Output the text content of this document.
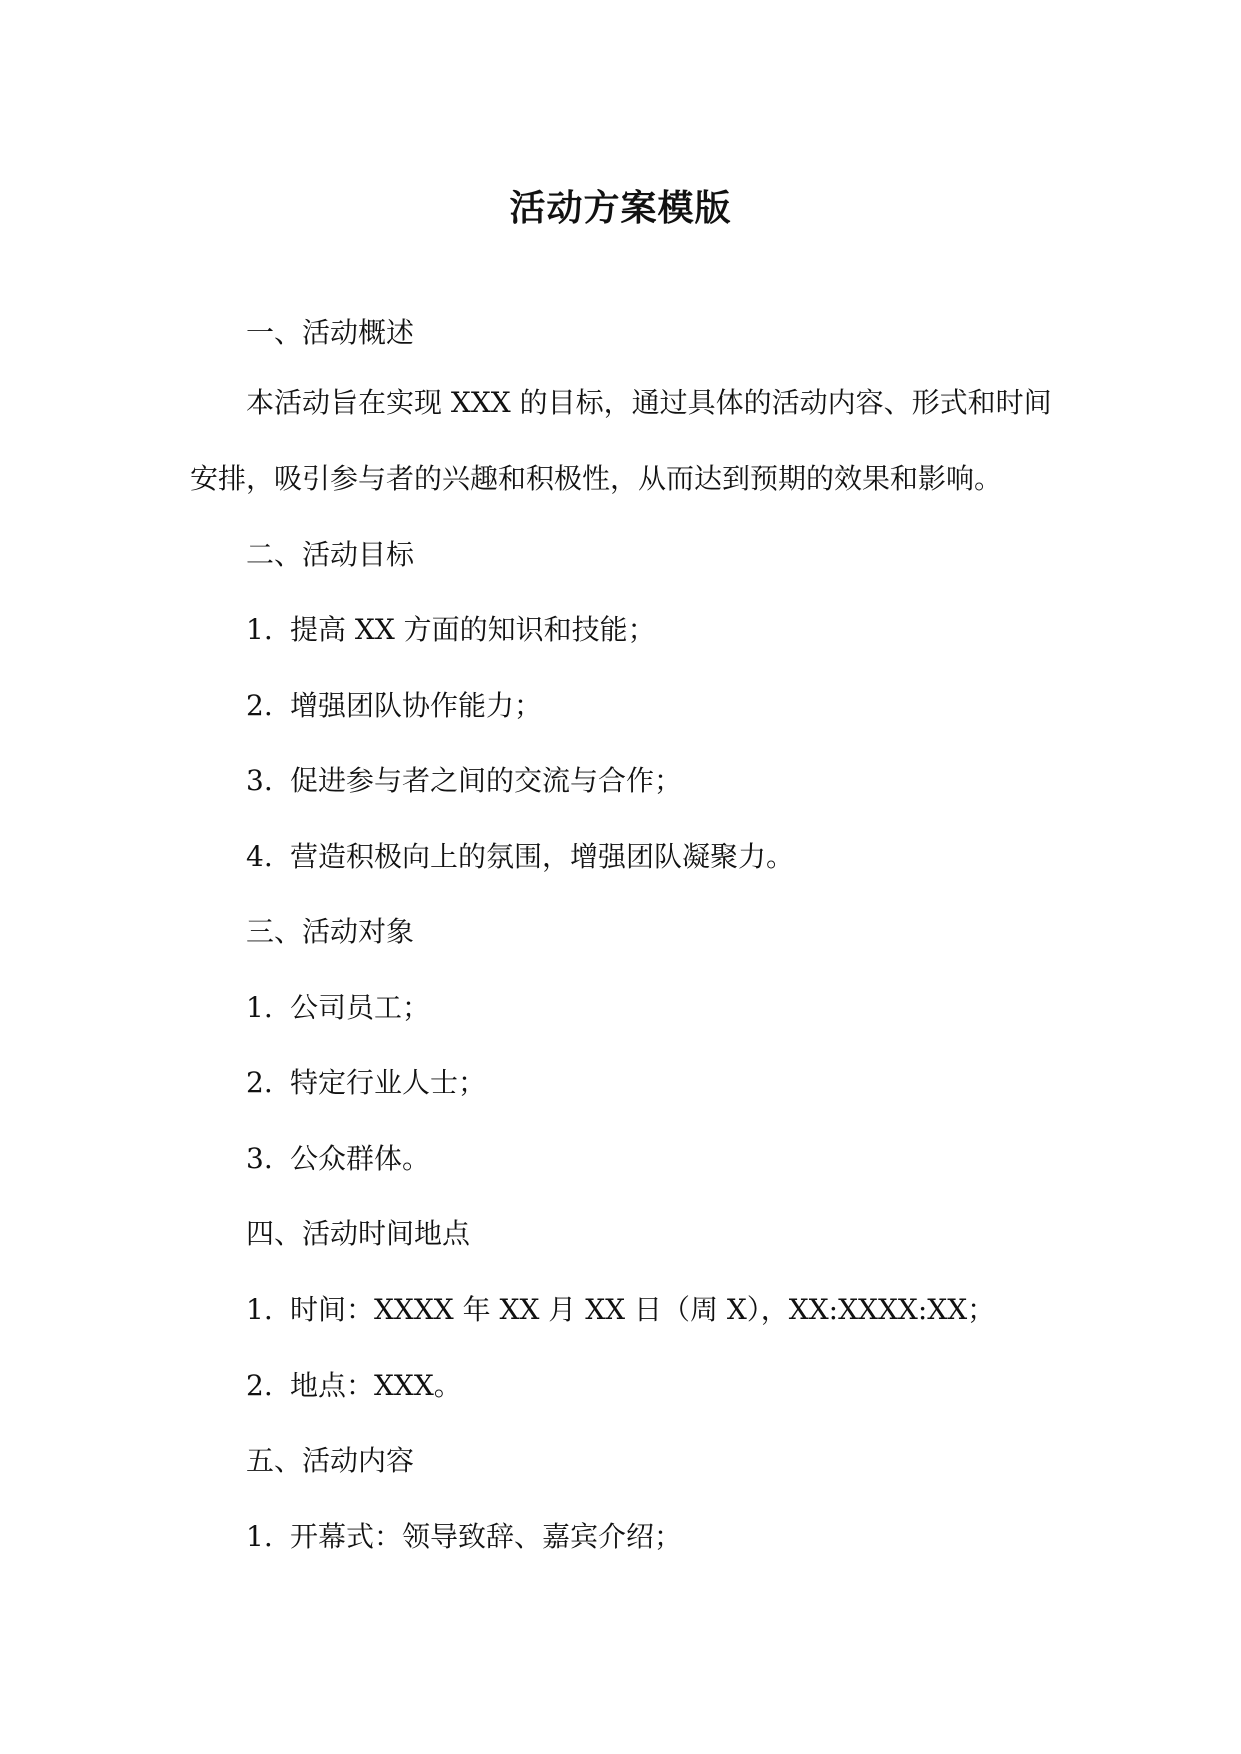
活动方案模版
一、活动概述
本活动旨在实现 XXX 的目标，通过具体的活动内容、形式和时间
安排，吸引参与者的兴趣和积极性，从而达到预期的效果和影响。
二、活动目标
1. 提高 XX 方面的知识和技能；
2. 增强团队协作能力；
3. 促进参与者之间的交流与合作；
4. 营造积极向上的氛围，增强团队凝聚力。
三、活动对象
1. 公司员工；
2. 特定行业人士；
3. 公众群体。
四、活动时间地点
1. 时间：XXXX 年 XX 月 XX 日（周 X），XX:XXXX:XX；
2. 地点：XXX。
五、活动内容
1. 开幕式：领导致辞、嘉宾介绍；
